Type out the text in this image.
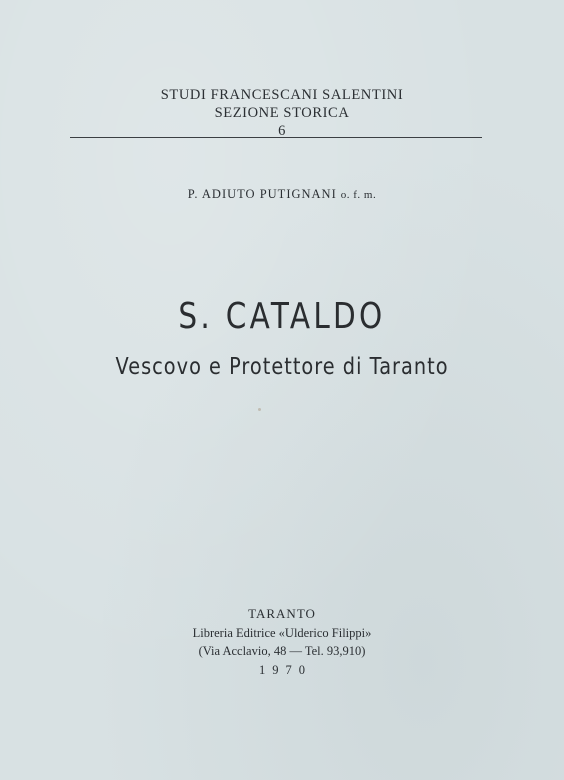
STUDI FRANCESCANI SALENTINI
SEZIONE STORICA
6
P. ADIUTO PUTIGNANI o. f. m.
S. CATALDO
Vescovo e Protettore di Taranto
TARANTO
Libreria Editrice «Ulderico Filippi»
(Via Acclavio, 48 — Tel. 93,910)
1970
